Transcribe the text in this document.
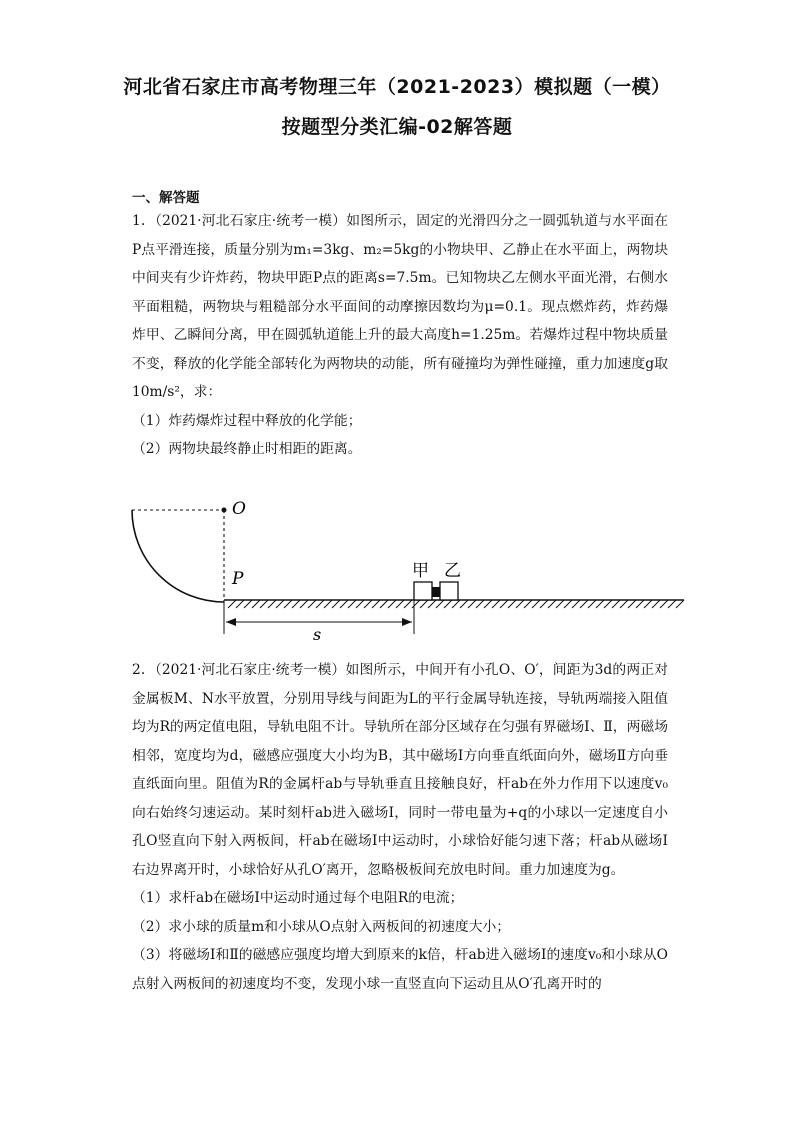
河北省石家庄市高考物理三年（2021-2023）模拟题（一模）
按题型分类汇编-02解答题
一、解答题
1．（2021·河北石家庄·统考一模）如图所示，固定的光滑四分之一圆弧轨道与水平面在P点平滑连接，质量分别为m₁=3kg、m₂=5kg的小物块甲、乙静止在水平面上，两物块中间夹有少许炸药，物块甲距P点的距离s=7.5m。已知物块乙左侧水平面光滑，右侧水平面粗糙，两物块与粗糙部分水平面间的动摩擦因数均为μ=0.1。现点燃炸药，炸药爆炸甲、乙瞬间分离，甲在圆弧轨道能上升的最大高度h=1.25m。若爆炸过程中物块质量不变，释放的化学能全部转化为两物块的动能，所有碰撞均为弹性碰撞，重力加速度g取10m/s²，求：
（1）炸药爆炸过程中释放的化学能；
（2）两物块最终静止时相距的距离。
O
P	甲 乙
s
2．（2021·河北石家庄·统考一模）如图所示，中间开有小孔O、O′，间距为3d的两正对金属板M、N水平放置，分别用导线与间距为L的平行金属导轨连接，导轨两端接入阻值均为R的两定值电阻，导轨电阻不计。导轨所在部分区域存在匀强有界磁场Ⅰ、Ⅱ，两磁场相邻，宽度均为d，磁感应强度大小均为B，其中磁场Ⅰ方向垂直纸面向外，磁场Ⅱ方向垂直纸面向里。阻值为R的金属杆ab与导轨垂直且接触良好，杆ab在外力作用下以速度v₀向右始终匀速运动。某时刻杆ab进入磁场Ⅰ，同时一带电量为+q的小球以一定速度自小孔O竖直向下射入两板间，杆ab在磁场Ⅰ中运动时，小球恰好能匀速下落；杆ab从磁场Ⅰ右边界离开时，小球恰好从孔O′离开，忽略极板间充放电时间。重力加速度为g。
（1）求杆ab在磁场Ⅰ中运动时通过每个电阻R的电流；
（2）求小球的质量m和小球从O点射入两板间的初速度大小；
（3）将磁场Ⅰ和Ⅱ的磁感应强度均增大到原来的k倍，杆ab进入磁场Ⅰ的速度v₀和小球从O点射入两板间的初速度均不变，发现小球一直竖直向下运动且从O′孔离开时的
